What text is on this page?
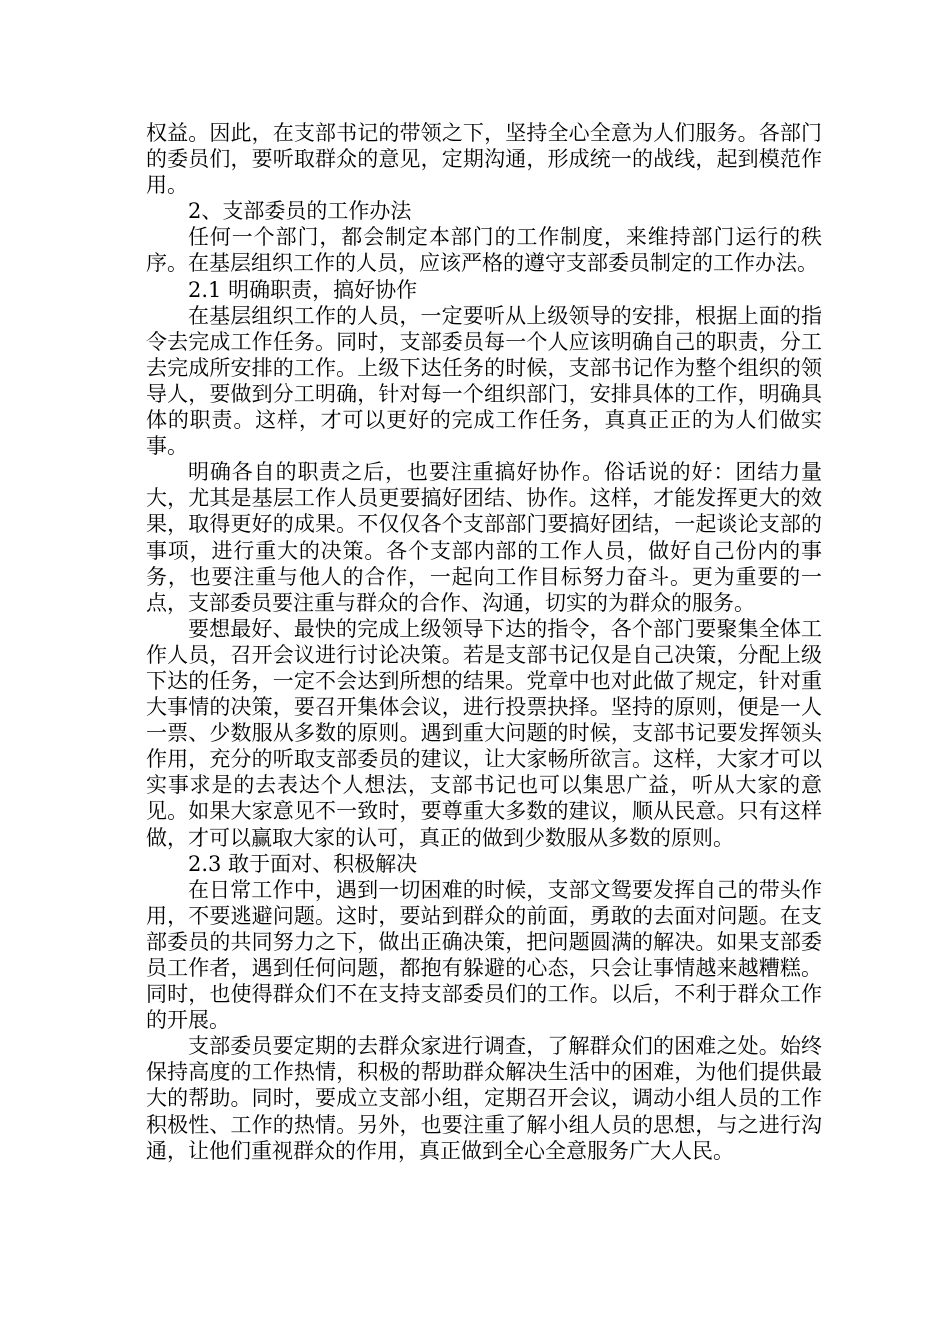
权益。因此，在支部书记的带领之下，坚持全心全意为人们服务。各部门的委员们，要听取群众的意见，定期沟通，形成统一的战线，起到模范作用。

2、支部委员的工作办法

任何一个部门，都会制定本部门的工作制度，来维持部门运行的秩序。在基层组织工作的人员，应该严格的遵守支部委员制定的工作办法。

2.1 明确职责，搞好协作

在基层组织工作的人员，一定要听从上级领导的安排，根据上面的指令去完成工作任务。同时，支部委员每一个人应该明确自己的职责，分工去完成所安排的工作。上级下达任务的时候，支部书记作为整个组织的领导人，要做到分工明确，针对每一个组织部门，安排具体的工作，明确具体的职责。这样，才可以更好的完成工作任务，真真正正的为人们做实事。

明确各自的职责之后，也要注重搞好协作。俗话说的好：团结力量大，尤其是基层工作人员更要搞好团结、协作。这样，才能发挥更大的效果，取得更好的成果。不仅仅各个支部部门要搞好团结，一起谈论支部的事项，进行重大的决策。各个支部内部的工作人员，做好自己份内的事务，也要注重与他人的合作，一起向工作目标努力奋斗。更为重要的一点，支部委员要注重与群众的合作、沟通，切实的为群众的服务。

要想最好、最快的完成上级领导下达的指令，各个部门要聚集全体工作人员，召开会议进行讨论决策。若是支部书记仅是自己决策，分配上级下达的任务，一定不会达到所想的结果。党章中也对此做了规定，针对重大事情的决策，要召开集体会议，进行投票抉择。坚持的原则，便是一人一票、少数服从多数的原则。遇到重大问题的时候，支部书记要发挥领头作用，充分的听取支部委员的建议，让大家畅所欲言。这样，大家才可以实事求是的去表达个人想法，支部书记也可以集思广益，听从大家的意见。如果大家意见不一致时，要尊重大多数的建议，顺从民意。只有这样做，才可以赢取大家的认可，真正的做到少数服从多数的原则。

2.3 敢于面对、积极解决

在日常工作中，遇到一切困难的时候，支部文鸳要发挥自己的带头作用，不要逃避问题。这时，要站到群众的前面，勇敢的去面对问题。在支部委员的共同努力之下，做出正确决策，把问题圆满的解决。如果支部委员工作者，遇到任何问题，都抱有躲避的心态，只会让事情越来越糟糕。同时，也使得群众们不在支持支部委员们的工作。以后，不利于群众工作的开展。

支部委员要定期的去群众家进行调查，了解群众们的困难之处。始终保持高度的工作热情，积极的帮助群众解决生活中的困难，为他们提供最大的帮助。同时，要成立支部小组，定期召开会议，调动小组人员的工作积极性、工作的热情。另外，也要注重了解小组人员的思想，与之进行沟通，让他们重视群众的作用，真正做到全心全意服务广大人民。
